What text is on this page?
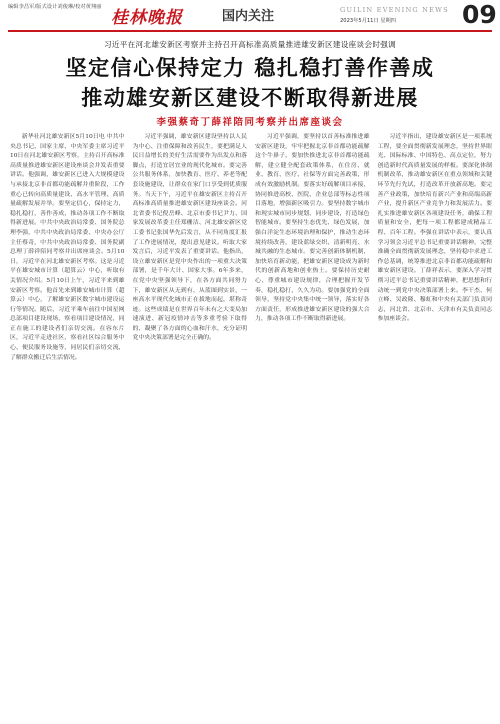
编辑李昌军/版式设计刘俊琳/校对黄翔丽
桂林晚报	国内关注	GUILIN EVENING NEWS
2023年5月11日 星期四	09
习近平在河北雄安新区考察并主持召开高标准高质量推进雄安新区建设座谈会时强调
坚定信心保持定力 稳扎稳打善作善成
推动雄安新区建设不断取得新进展
李强蔡奇丁薛祥陪同考察并出席座谈会

新华社河北雄安新区5月10日电 中共中央总书记、国家主席、中央军委主席习近平10日在河北雄安新区考察，主持召开高标准高质量推进雄安新区建设座谈会并发表重要讲话。他强调，雄安新区已进入大规模建设与承接北京非首都功能疏解并重阶段，工作重心已转向高质量建设、高水平管理、高质量疏解发展并举。要坚定信心，保持定力，稳扎稳打，善作善成，推动各项工作不断取得新进展。中共中央政治局常委、国务院总理李强，中共中央政治局常委、中央办公厅主任蔡奇，中共中央政治局常委、国务院副总理丁薛祥陪同考察并出席座谈会。5月10日，习近平在河北雄安新区考察。这是习近平在雄安城市计算（超算云）中心，听取有关情况介绍。5月10日上午，习近平来到雄安新区考察。他首先来到雄安城市计算（超算云）中心，了解雄安新区数字城市建设运行等情况。随后，习近平乘车前往中国星网总部项目建设现场，察看项目建设情况，同正在施工的建设者们亲切交流。在容东片区，习近平走进社区，察看社区综合服务中心、便民服务设施等，同居民们亲切交流，了解群众搬迁后生活情况。

习近平强调，雄安新区建设坚持以人民为中心、注重保障和改善民生，要把满足人民日益增长的美好生活需要作为出发点和落脚点，打造宜居宜业的现代化城市。要完善公共服务体系，加快教育、医疗、养老等配套设施建设，让群众在家门口享受到优质服务。当天下午，习近平在雄安新区主持召开高标准高质量推进雄安新区建设座谈会。河北省委书记倪岳峰、北京市委书记尹力、国家发展改革委主任郑栅洁、河北雄安新区党工委书记张国华先后发言，从不同角度汇报了工作进展情况，提出意见建议。听取大家发言后，习近平发表了重要讲话。他指出，设立雄安新区是党中央作出的一项重大决策部署，是千年大计、国家大事。6年多来，在党中央坚强领导下，在各方面共同努力下，雄安新区从无到有、从蓝图到实景，一座高水平现代化城市正在拔地而起，堪称奇迹。这些成绩是在世界百年未有之大变局加速演进、新冠疫情冲击等多重考验下取得的，凝聚了各方面的心血和汗水，充分证明党中央决策部署是完全正确的。

习近平强调，要坚持以首善标准推进雄安新区建设，牢牢把握北京非首都功能疏解这个牛鼻子。要加快推进北京非首都功能疏解，建立健全配套政策体系，在住房、就业、教育、医疗、社保等方面完善政策，形成有效激励机制。要落实好疏解项目承接，协同推进高校、医院、企业总部等标志性项目落地，增强新区吸引力。要坚持数字城市和现实城市同步规划、同步建设，打造绿色智能城市。要坚持生态优先、绿色发展，加强白洋淀生态环境治理和保护，推动生态环境持续改善，建设蓝绿交织、清新明亮、水城共融的生态城市。要完善创新体制机制，加快培育新动能，把雄安新区建设成为新时代的创新高地和创业热土。要保持历史耐心，尊重城市建设规律，合理把握开发节奏，稳扎稳打，久久为功。要加强党的全面领导，坚持党中央集中统一领导，落实好各方面责任，形成推进雄安新区建设的强大合力，推动各项工作不断取得新进展。

习近平指出，建设雄安新区是一项系统工程，要全面贯彻新发展理念，坚持世界眼光、国际标准、中国特色、高点定位，努力创造新时代高质量发展的样板。要深化体制机制改革，推动雄安新区在重点领域和关键环节先行先试，打造改革开放新高地。要完善产业政策，加快培育新兴产业和高端高新产业，提升新区产业竞争力和发展活力。要扎实推进雄安新区各项建设任务，确保工程质量和安全，把每一项工程都建成精品工程、百年工程。李强在讲话中表示，要认真学习领会习近平总书记重要讲话精神，完整准确全面贯彻新发展理念，坚持稳中求进工作总基调，统筹推进北京非首都功能疏解和雄安新区建设。丁薛祥表示，要深入学习贯彻习近平总书记重要讲话精神，把思想和行动统一到党中央决策部署上来。李干杰、何立峰、吴政隆、穆虹和中央有关部门负责同志，河北省、北京市、天津市有关负责同志参加座谈会。
